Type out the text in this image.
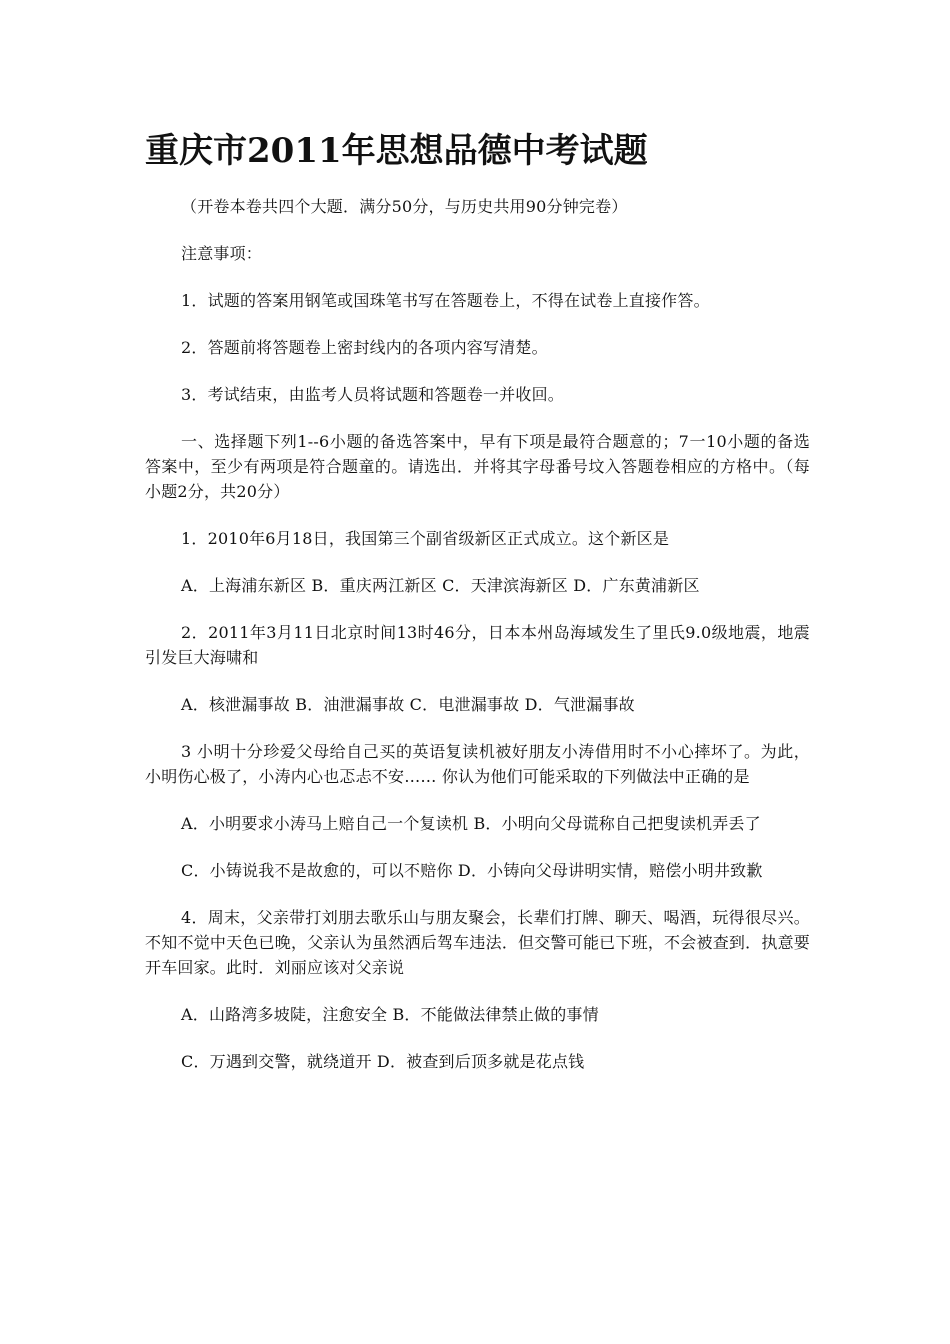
重庆市2011年思想品德中考试题

（开卷本卷共四个大题．满分50分，与历史共用90分钟完卷）

注意事项：

1．试题的答案用钢笔或国珠笔书写在答题卷上，不得在试卷上直接作答。

2．答题前将答题卷上密封线内的各项内容写清楚。

3．考试结束，由监考人员将试题和答题卷一并收回。

一、选择题下列1--6小题的备选答案中，早有下项是最符合题意的；7一10小题的备选答案中，至少有两项是符合题童的。请选出．并将其字母番号坟入答题卷相应的方格中。（每小题2分，共20分）

1．2010年6月18日，我国第三个副省级新区正式成立。这个新区是

A．上海浦东新区 B．重庆两江新区 C．天津滨海新区 D．广东黄浦新区

2．2011年3月11日北京时间13时46分，日本本州岛海域发生了里氏9.0级地震，地震引发巨大海啸和

A．核泄漏事故 B．油泄漏事故 C．电泄漏事故 D．气泄漏事故

3 小明十分珍爱父母给自己买的英语复读机被好朋友小涛借用时不小心摔坏了。为此，小明伤心极了，小涛内心也忑忐不安…… 你认为他们可能采取的下列做法中正确的是

A．小明要求小涛马上赔自己一个复读机 B．小明向父母谎称自己把叟读机弄丢了

C．小铸说我不是故愈的，可以不赔你 D．小铸向父母讲明实情，赔偿小明井致歉

4．周末，父亲带打刘朋去歌乐山与朋友聚会，长辈们打牌、聊天、喝酒，玩得很尽兴。不知不觉中天色已晚，父亲认为虽然洒后驾车违法．但交警可能已下班，不会被查到．执意要开车回家。此时．刘丽应该对父亲说

A．山路湾多坡陡，注愈安全 B．不能做法律禁止做的事情

C．万遇到交警，就绕道开 D．被查到后顶多就是花点钱
